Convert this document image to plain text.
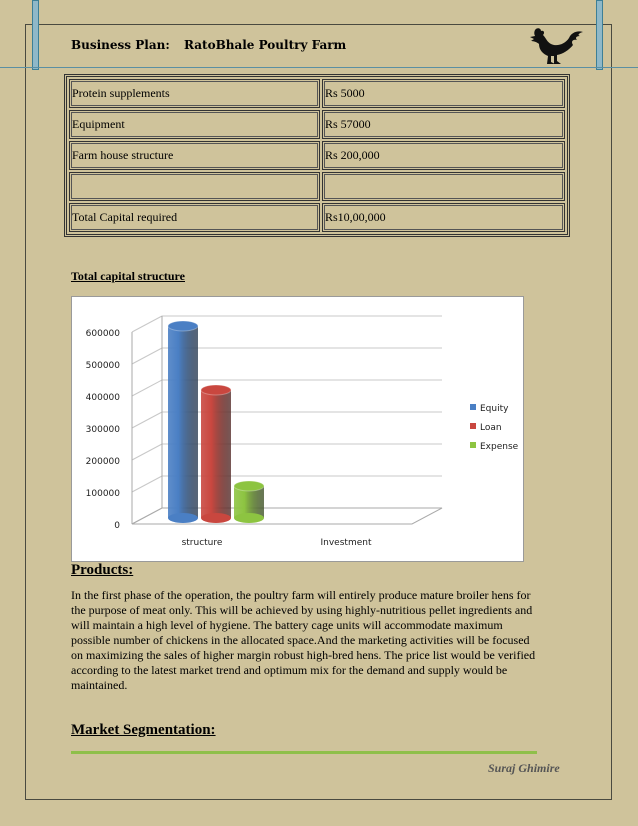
Business Plan: RatoBhale Poultry Farm
Protein supplements	Rs 5000
Equipment	Rs 57000
Farm house structure	Rs 200,000

Total Capital required	Rs10,00,000
Total capital structure
0
100000
200000
300000
400000
500000
600000
structure	Investment
Equity
Loan
Expense
Products:
In the first phase of the operation, the poultry farm will entirely produce mature broiler hens for the purpose of meat only. This will be achieved by using highly-nutritious pellet ingredients and will maintain a high level of hygiene. The battery cage units will accommodate maximum possible number of chickens in the allocated space.And the marketing activities will be focused on maximizing the sales of higher margin robust high-bred hens. The price list would be verified according to the latest market trend and optimum mix for the demand and supply would be maintained.
Market Segmentation:
Suraj Ghimire
